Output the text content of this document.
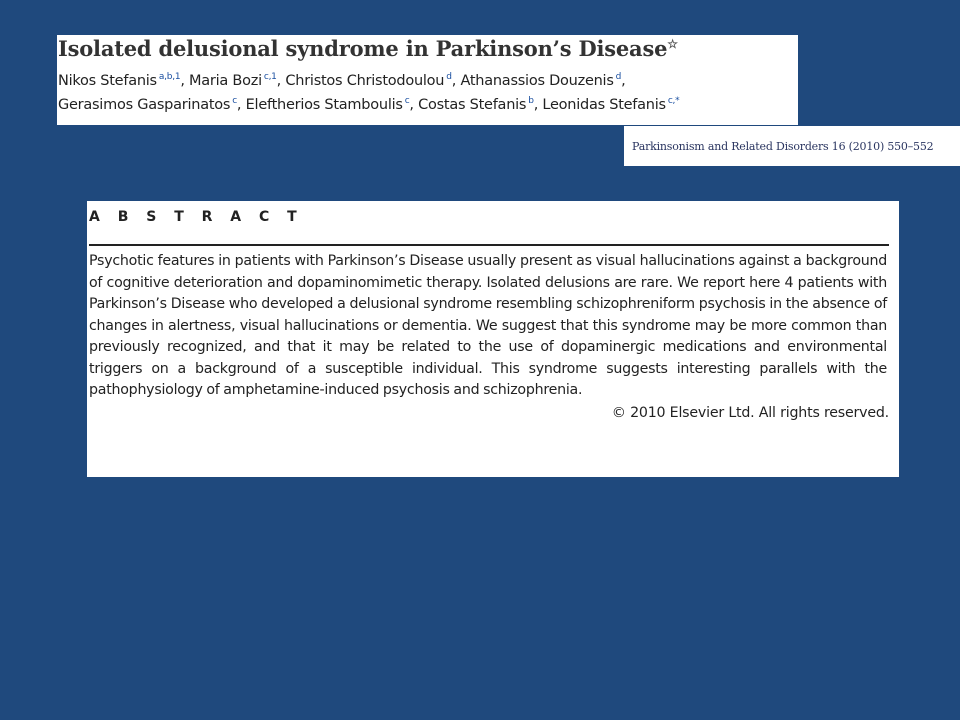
Isolated delusional syndrome in Parkinson’s Disease☆
Nikos Stefanis $^{a,b,1}$, Maria Bozi $^{c,1}$, Christos Christodoulou $^d$, Athanassios Douzenis $^d$,
Gerasimos Gasparinatos $^c$, Eleftherios Stamboulis $^c$, Costas Stefanis $^b$, Leonidas Stefanis $^{c,*}$
Parkinsonism and Related Disorders 16 (2010) 550–552
A B S T R A C T

Psychotic features in patients with Parkinson’s Disease usually present as visual hallucinations against a background of cognitive deterioration and dopaminomimetic therapy. Isolated delusions are rare. We report here 4 patients with Parkinson’s Disease who developed a delusional syndrome resembling schizophreniform psychosis in the absence of changes in alertness, visual hallucinations or dementia. We suggest that this syndrome may be more common than previously recognized, and that it may be related to the use of dopaminergic medications and environmental triggers on a background of a susceptible individual. This syndrome suggests interesting parallels with the pathophysiology of amphetamine-induced psychosis and schizophrenia.

© 2010 Elsevier Ltd. All rights reserved.
